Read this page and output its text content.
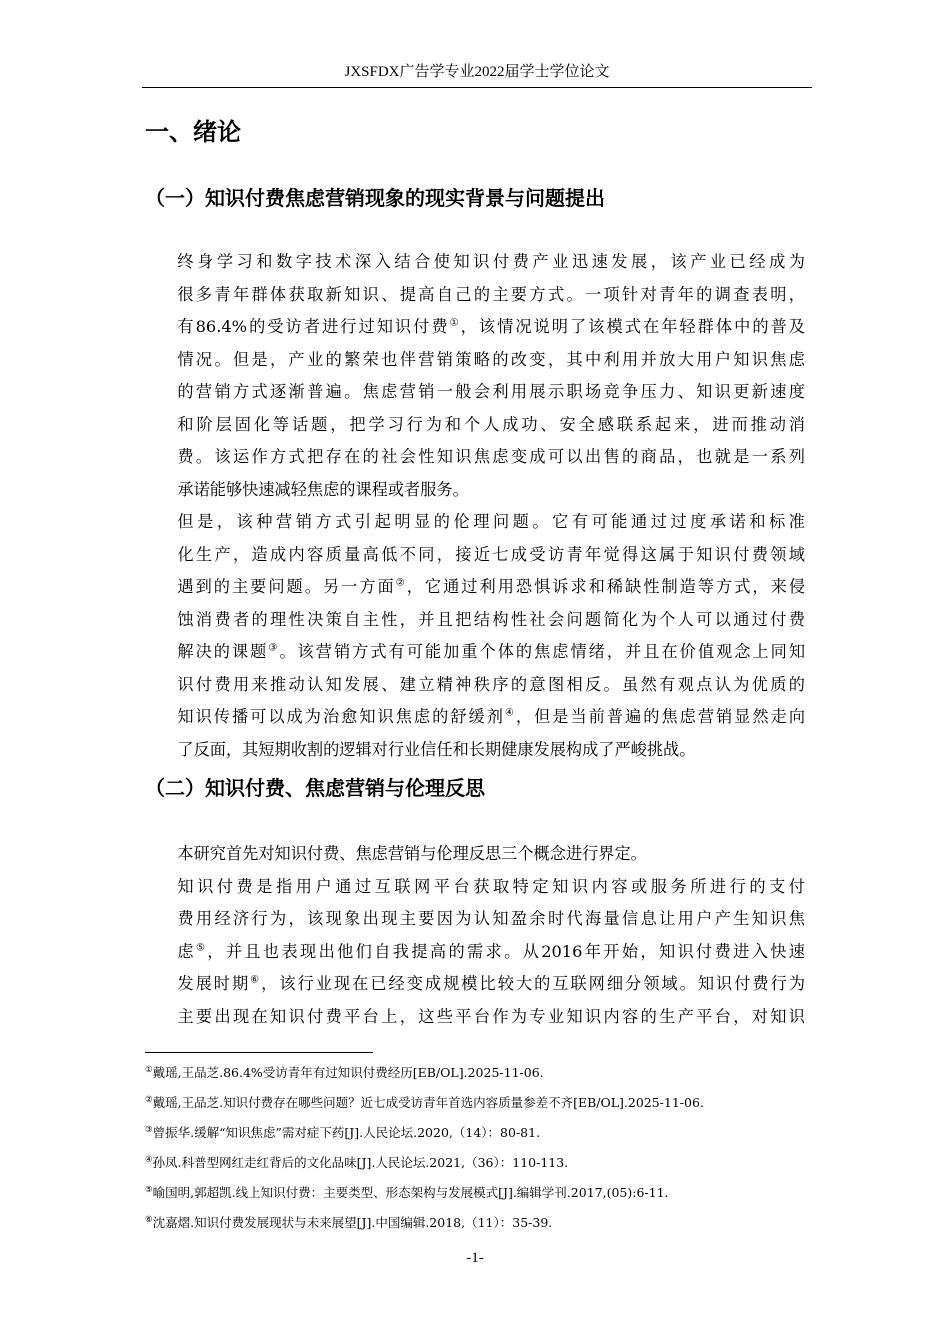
JXSFDX广告学专业2022届学士学位论文
一、绪论
（一）知识付费焦虑营销现象的现实背景与问题提出

终身学习和数字技术深入结合使知识付费产业迅速发展，该产业已经成为
很多青年群体获取新知识、提高自己的主要方式。一项针对青年的调查表明，
有86.4%的受访者进行过知识付费①，该情况说明了该模式在年轻群体中的普及
情况。但是，产业的繁荣也伴营销策略的改变，其中利用并放大用户知识焦虑
的营销方式逐渐普遍。焦虑营销一般会利用展示职场竞争压力、知识更新速度
和阶层固化等话题，把学习行为和个人成功、安全感联系起来，进而推动消
费。该运作方式把存在的社会性知识焦虑变成可以出售的商品，也就是一系列
承诺能够快速减轻焦虑的课程或者服务。

但是，该种营销方式引起明显的伦理问题。它有可能通过过度承诺和标准
化生产，造成内容质量高低不同，接近七成受访青年觉得这属于知识付费领域
遇到的主要问题。另一方面②，它通过利用恐惧诉求和稀缺性制造等方式，来侵
蚀消费者的理性决策自主性，并且把结构性社会问题简化为个人可以通过付费
解决的课题③。该营销方式有可能加重个体的焦虑情绪，并且在价值观念上同知
识付费用来推动认知发展、建立精神秩序的意图相反。虽然有观点认为优质的
知识传播可以成为治愈知识焦虑的舒缓剂④，但是当前普遍的焦虑营销显然走向
了反面，其短期收割的逻辑对行业信任和长期健康发展构成了严峻挑战。

（二）知识付费、焦虑营销与伦理反思

本研究首先对知识付费、焦虑营销与伦理反思三个概念进行界定。

知识付费是指用户通过互联网平台获取特定知识内容或服务所进行的支付
费用经济行为，该现象出现主要因为认知盈余时代海量信息让用户产生知识焦
虑⑤，并且也表现出他们自我提高的需求。从2016年开始，知识付费进入快速
发展时期⑥，该行业现在已经变成规模比较大的互联网细分领域。知识付费行为
主要出现在知识付费平台上，这些平台作为专业知识内容的生产平台，对知识

①戴瑶,王品芝.86.4%受访青年有过知识付费经历[EB/OL].2025-11-06.
②戴瑶,王品芝.知识付费存在哪些问题？近七成受访青年首选内容质量参差不齐[EB/OL].2025-11-06.
③曾振华.缓解“知识焦虑”需对症下药[J].人民论坛.2020,（14）：80-81.
④孙凤.科普型网红走红背后的文化品味[J].人民论坛.2021,（36）：110-113.
⑤喻国明,郭超凯.线上知识付费：主要类型、形态架构与发展模式[J].编辑学刊.2017,(05):6-11.
⑥沈嘉熠.知识付费发展现状与未来展望[J].中国编辑.2018,（11）：35-39.
-1-
